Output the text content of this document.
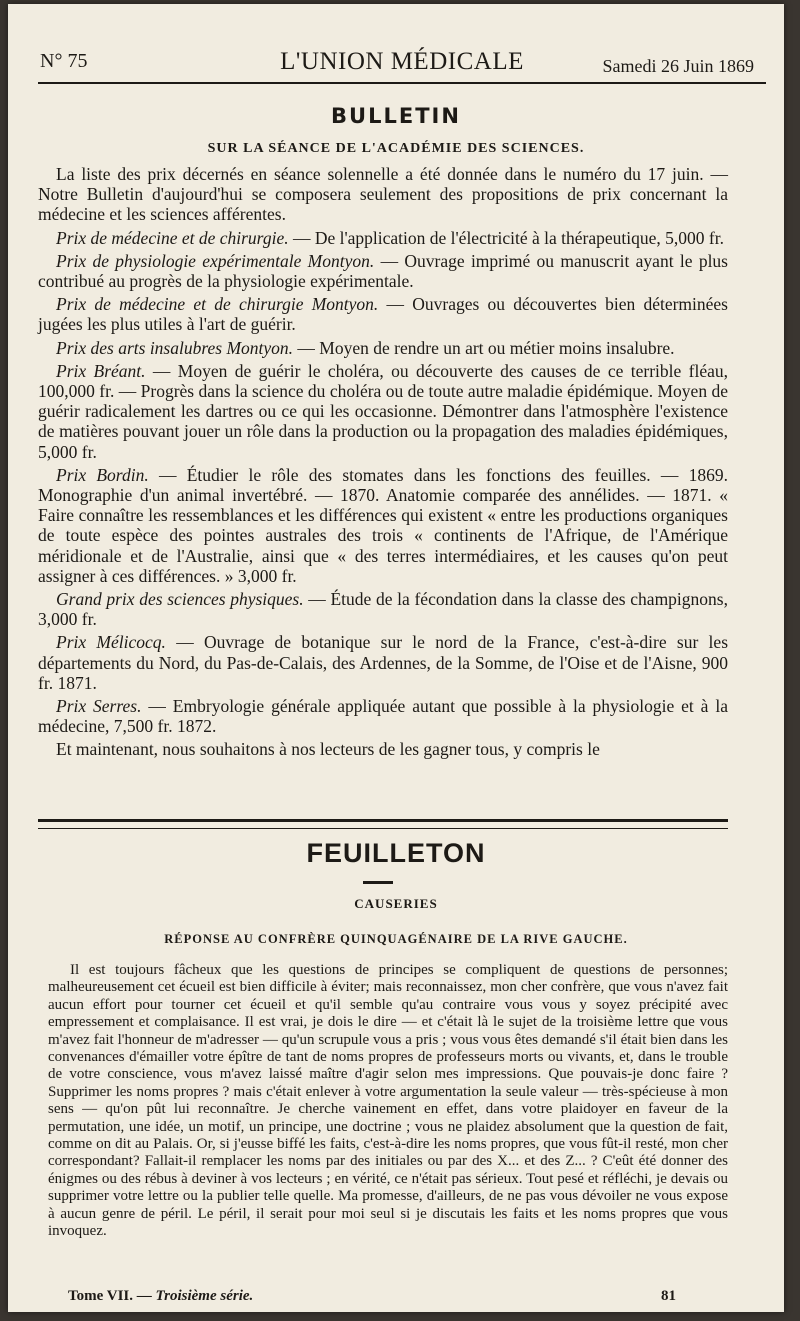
N° 75	L'UNION MÉDICALE	Samedi 26 Juin 1869
BULLETIN
SUR LA SÉANCE DE L'ACADÉMIE DES SCIENCES.

La liste des prix décernés en séance solennelle a été donnée dans le numéro du 17 juin. — Notre Bulletin d'aujourd'hui se composera seulement des propositions de prix concernant la médecine et les sciences afférentes.

Prix de médecine et de chirurgie. — De l'application de l'électricité à la thérapeutique, 5,000 fr.

Prix de physiologie expérimentale Montyon. — Ouvrage imprimé ou manuscrit ayant le plus contribué au progrès de la physiologie expérimentale.

Prix de médecine et de chirurgie Montyon. — Ouvrages ou découvertes bien déterminées jugées les plus utiles à l'art de guérir.

Prix des arts insalubres Montyon. — Moyen de rendre un art ou métier moins insalubre.

Prix Bréant. — Moyen de guérir le choléra, ou découverte des causes de ce terrible fléau, 100,000 fr. — Progrès dans la science du choléra ou de toute autre maladie épidémique. Moyen de guérir radicalement les dartres ou ce qui les occasionne. Démontrer dans l'atmosphère l'existence de matières pouvant jouer un rôle dans la production ou la propagation des maladies épidémiques, 5,000 fr.

Prix Bordin. — Étudier le rôle des stomates dans les fonctions des feuilles. — 1869. Monographie d'un animal invertébré. — 1870. Anatomie comparée des annélides. — 1871. « Faire connaître les ressemblances et les différences qui existent « entre les productions organiques de toute espèce des pointes australes des trois « continents de l'Afrique, de l'Amérique méridionale et de l'Australie, ainsi que « des terres intermédiaires, et les causes qu'on peut assigner à ces différences. » 3,000 fr.

Grand prix des sciences physiques. — Étude de la fécondation dans la classe des champignons, 3,000 fr.

Prix Mélicocq. — Ouvrage de botanique sur le nord de la France, c'est-à-dire sur les départements du Nord, du Pas-de-Calais, des Ardennes, de la Somme, de l'Oise et de l'Aisne, 900 fr. 1871.

Prix Serres. — Embryologie générale appliquée autant que possible à la physiologie et à la médecine, 7,500 fr. 1872.

Et maintenant, nous souhaitons à nos lecteurs de les gagner tous, y compris le

FEUILLETON
CAUSERIES
RÉPONSE AU CONFRÈRE QUINQUAGÉNAIRE DE LA RIVE GAUCHE.

Il est toujours fâcheux que les questions de principes se compliquent de questions de personnes; malheureusement cet écueil est bien difficile à éviter; mais reconnaissez, mon cher confrère, que vous n'avez fait aucun effort pour tourner cet écueil et qu'il semble qu'au contraire vous vous y soyez précipité avec empressement et complaisance. Il est vrai, je dois le dire — et c'était là le sujet de la troisième lettre que vous m'avez fait l'honneur de m'adresser — qu'un scrupule vous a pris ; vous vous êtes demandé s'il était bien dans les convenances d'émailler votre épître de tant de noms propres de professeurs morts ou vivants, et, dans le trouble de votre conscience, vous m'avez laissé maître d'agir selon mes impressions. Que pouvais-je donc faire ? Supprimer les noms propres ? mais c'était enlever à votre argumentation la seule valeur — très-spécieuse à mon sens — qu'on pût lui reconnaître. Je cherche vainement en effet, dans votre plaidoyer en faveur de la permutation, une idée, un motif, un principe, une doctrine ; vous ne plaidez absolument que la question de fait, comme on dit au Palais. Or, si j'eusse biffé les faits, c'est-à-dire les noms propres, que vous fût-il resté, mon cher correspondant? Fallait-il remplacer les noms par des initiales ou par des X... et des Z... ? C'eût été donner des énigmes ou des rébus à deviner à vos lecteurs ; en vérité, ce n'était pas sérieux. Tout pesé et réfléchi, je devais ou supprimer votre lettre ou la publier telle quelle. Ma promesse, d'ailleurs, de ne pas vous dévoiler ne vous expose à aucun genre de péril. Le péril, il serait pour moi seul si je discutais les faits et les noms propres que vous invoquez.

Tome VII. — Troisième série.	81
